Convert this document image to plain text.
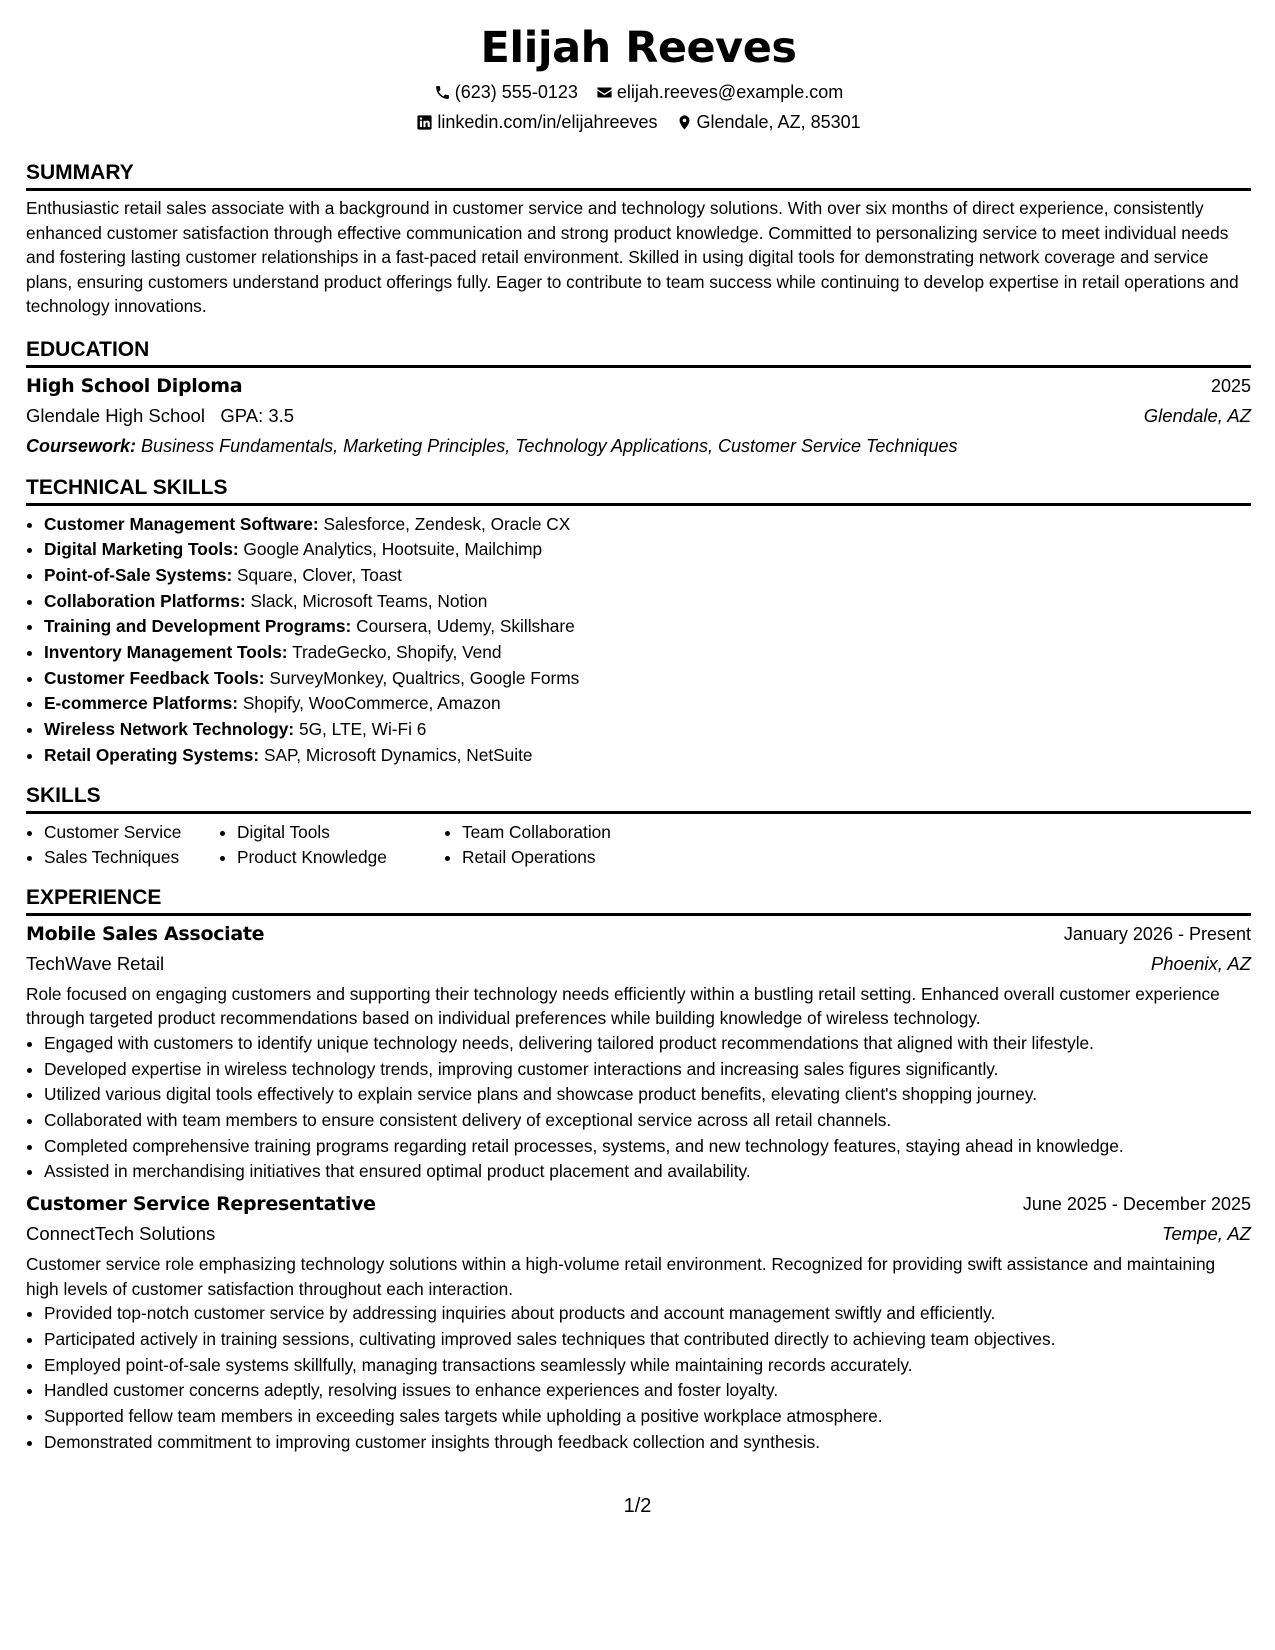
Elijah Reeves
(623) 555-0123 elijah.reeves@example.com
linkedin.com/in/elijahreeves Glendale, AZ, 85301
SUMMARY
Enthusiastic retail sales associate with a background in customer service and technology solutions. With over six months of direct experience, consistently enhanced customer satisfaction through effective communication and strong product knowledge. Committed to personalizing service to meet individual needs and fostering lasting customer relationships in a fast-paced retail environment. Skilled in using digital tools for demonstrating network coverage and service plans, ensuring customers understand product offerings fully. Eager to contribute to team success while continuing to develop expertise in retail operations and technology innovations.
EDUCATION
High School Diploma	2025
Glendale High School GPA: 3.5	Glendale, AZ
Coursework: Business Fundamentals, Marketing Principles, Technology Applications, Customer Service Techniques
TECHNICAL SKILLS
• Customer Management Software: Salesforce, Zendesk, Oracle CX
• Digital Marketing Tools: Google Analytics, Hootsuite, Mailchimp
• Point-of-Sale Systems: Square, Clover, Toast
• Collaboration Platforms: Slack, Microsoft Teams, Notion
• Training and Development Programs: Coursera, Udemy, Skillshare
• Inventory Management Tools: TradeGecko, Shopify, Vend
• Customer Feedback Tools: SurveyMonkey, Qualtrics, Google Forms
• E-commerce Platforms: Shopify, WooCommerce, Amazon
• Wireless Network Technology: 5G, LTE, Wi-Fi 6
• Retail Operating Systems: SAP, Microsoft Dynamics, NetSuite
SKILLS
• Customer Service
• Sales Techniques
• Digital Tools
• Product Knowledge
• Team Collaboration
• Retail Operations
EXPERIENCE
Mobile Sales Associate	January 2026 - Present
TechWave Retail	Phoenix, AZ
Role focused on engaging customers and supporting their technology needs efficiently within a bustling retail setting. Enhanced overall customer experience through targeted product recommendations based on individual preferences while building knowledge of wireless technology.
• Engaged with customers to identify unique technology needs, delivering tailored product recommendations that aligned with their lifestyle.
• Developed expertise in wireless technology trends, improving customer interactions and increasing sales figures significantly.
• Utilized various digital tools effectively to explain service plans and showcase product benefits, elevating client's shopping journey.
• Collaborated with team members to ensure consistent delivery of exceptional service across all retail channels.
• Completed comprehensive training programs regarding retail processes, systems, and new technology features, staying ahead in knowledge.
• Assisted in merchandising initiatives that ensured optimal product placement and availability.
Customer Service Representative	June 2025 - December 2025
ConnectTech Solutions	Tempe, AZ
Customer service role emphasizing technology solutions within a high-volume retail environment. Recognized for providing swift assistance and maintaining high levels of customer satisfaction throughout each interaction.
• Provided top-notch customer service by addressing inquiries about products and account management swiftly and efficiently.
• Participated actively in training sessions, cultivating improved sales techniques that contributed directly to achieving team objectives.
• Employed point-of-sale systems skillfully, managing transactions seamlessly while maintaining records accurately.
• Handled customer concerns adeptly, resolving issues to enhance experiences and foster loyalty.
• Supported fellow team members in exceeding sales targets while upholding a positive workplace atmosphere.
• Demonstrated commitment to improving customer insights through feedback collection and synthesis.
1/2
